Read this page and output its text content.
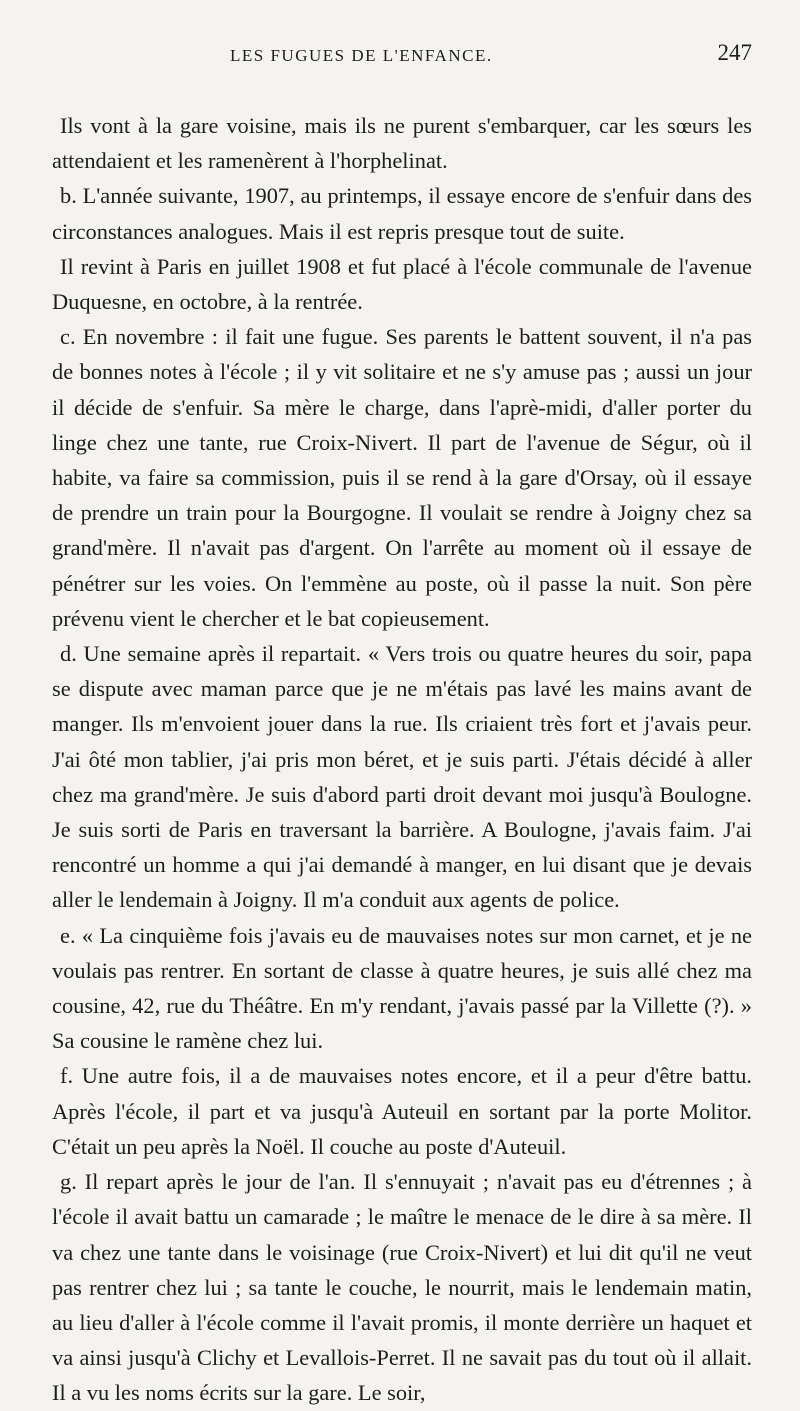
LES FUGUES DE L'ENFANCE.	247

Ils vont à la gare voisine, mais ils ne purent s'embarquer, car les sœurs les attendaient et les ramenèrent à l'horphelinat.

b. L'année suivante, 1907, au printemps, il essaye encore de s'enfuir dans des circonstances analogues. Mais il est repris presque tout de suite.

Il revint à Paris en juillet 1908 et fut placé à l'école communale de l'avenue Duquesne, en octobre, à la rentrée.

c. En novembre : il fait une fugue. Ses parents le battent souvent, il n'a pas de bonnes notes à l'école ; il y vit solitaire et ne s'y amuse pas ; aussi un jour il décide de s'enfuir. Sa mère le charge, dans l'aprè-midi, d'aller porter du linge chez une tante, rue Croix-Nivert. Il part de l'avenue de Ségur, où il habite, va faire sa commission, puis il se rend à la gare d'Orsay, où il essaye de prendre un train pour la Bourgogne. Il voulait se rendre à Joigny chez sa grand'mère. Il n'avait pas d'argent. On l'arrête au moment où il essaye de pénétrer sur les voies. On l'emmène au poste, où il passe la nuit. Son père prévenu vient le chercher et le bat copieusement.

d. Une semaine après il repartait. « Vers trois ou quatre heures du soir, papa se dispute avec maman parce que je ne m'étais pas lavé les mains avant de manger. Ils m'envoient jouer dans la rue. Ils criaient très fort et j'avais peur. J'ai ôté mon tablier, j'ai pris mon béret, et je suis parti. J'étais décidé à aller chez ma grand'mère. Je suis d'abord parti droit devant moi jusqu'à Boulogne. Je suis sorti de Paris en traversant la barrière. A Boulogne, j'avais faim. J'ai rencontré un homme a qui j'ai demandé à manger, en lui disant que je devais aller le lendemain à Joigny. Il m'a conduit aux agents de police.

e. « La cinquième fois j'avais eu de mauvaises notes sur mon carnet, et je ne voulais pas rentrer. En sortant de classe à quatre heures, je suis allé chez ma cousine, 42, rue du Théâtre. En m'y rendant, j'avais passé par la Villette (?). » Sa cousine le ramène chez lui.

f. Une autre fois, il a de mauvaises notes encore, et il a peur d'être battu. Après l'école, il part et va jusqu'à Auteuil en sortant par la porte Molitor. C'était un peu après la Noël. Il couche au poste d'Auteuil.

g. Il repart après le jour de l'an. Il s'ennuyait ; n'avait pas eu d'étrennes ; à l'école il avait battu un camarade ; le maître le menace de le dire à sa mère. Il va chez une tante dans le voisinage (rue Croix-Nivert) et lui dit qu'il ne veut pas rentrer chez lui ; sa tante le couche, le nourrit, mais le lendemain matin, au lieu d'aller à l'école comme il l'avait promis, il monte derrière un haquet et va ainsi jusqu'à Clichy et Levallois-Perret. Il ne savait pas du tout où il allait. Il a vu les noms écrits sur la gare. Le soir,
